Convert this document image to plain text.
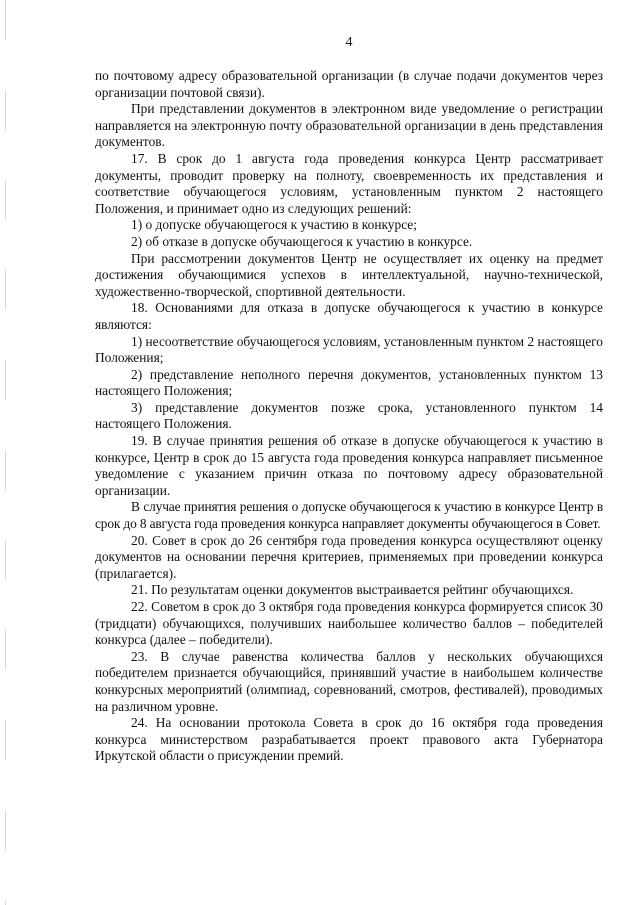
4

по почтовому адресу образовательной организации (в случае подачи документов через организации почтовой связи).

При представлении документов в электронном виде уведомление о регистрации направляется на электронную почту образовательной организации в день представления документов.

17. В срок до 1 августа года проведения конкурса Центр рассматривает документы, проводит проверку на полноту, своевременность их представления и соответствие обучающегося условиям, установленным пунктом 2 настоящего Положения, и принимает одно из следующих решений:

1) о допуске обучающегося к участию в конкурсе;

2) об отказе в допуске обучающегося к участию в конкурсе.

При рассмотрении документов Центр не осуществляет их оценку на предмет достижения обучающимися успехов в интеллектуальной, научно-технической, художественно-творческой, спортивной деятельности.

18. Основаниями для отказа в допуске обучающегося к участию в конкурсе являются:

1) несоответствие обучающегося условиям, установленным пунктом 2 настоящего Положения;

2) представление неполного перечня документов, установленных пунктом 13 настоящего Положения;

3) представление документов позже срока, установленного пунктом 14 настоящего Положения.

19. В случае принятия решения об отказе в допуске обучающегося к участию в конкурсе, Центр в срок до 15 августа года проведения конкурса направляет письменное уведомление с указанием причин отказа по почтовому адресу образовательной организации.

В случае принятия решения о допуске обучающегося к участию в конкурсе Центр в срок до 8 августа года проведения конкурса направляет документы обучающегося в Совет.

20. Совет в срок до 26 сентября года проведения конкурса осуществляют оценку документов на основании перечня критериев, применяемых при проведении конкурса (прилагается).

21. По результатам оценки документов выстраивается рейтинг обучающихся.

22. Советом в срок до 3 октября года проведения конкурса формируется список 30 (тридцати) обучающихся, получивших наибольшее количество баллов – победителей конкурса (далее – победители).

23. В случае равенства количества баллов у нескольких обучающихся победителем признается обучающийся, принявший участие в наибольшем количестве конкурсных мероприятий (олимпиад, соревнований, смотров, фестивалей), проводимых на различном уровне.

24. На основании протокола Совета в срок до 16 октября года проведения конкурса министерством разрабатывается проект правового акта Губернатора Иркутской области о присуждении премий.
